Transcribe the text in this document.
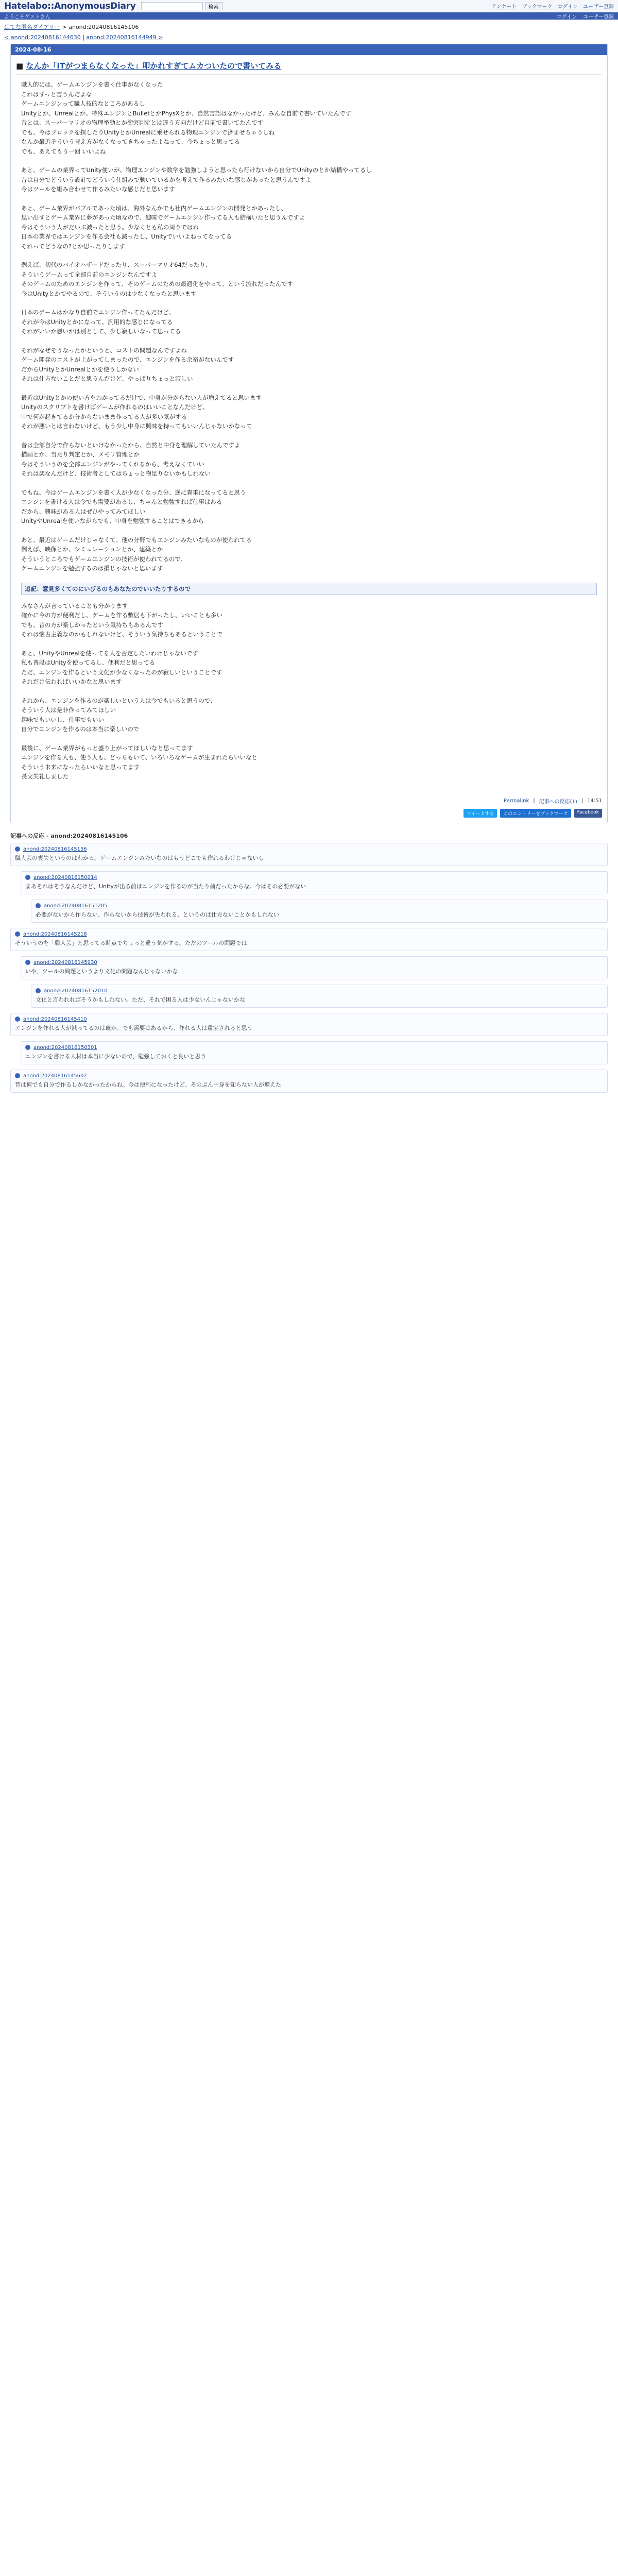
Hatelabo::AnonymousDiary	検索	アンケート ブックマーク ログイン ユーザー登録
ようこそゲストさん	ログイン ユーザー登録
はてな匿名ダイアリー > anond:20240816145106
< anond:20240816144630 | anond:20240816144949 >
2024-08-16
■ なんか「ITがつまらなくなった」叩かれすぎてムカついたので書いてみる

職人的には、ゲームエンジンを書く仕事がなくなった
これはずっと言うんだよな
ゲームエンジンって職人技的なところがあるし
Unityとか、Unrealとか、特殊エンジンとBulletとかPhysXとか、自然言語はなかったけど、みんな自前で書いていたんです
昔とは、スーパーマリオの物理挙動とか衝突判定とは違う方向だけど自前で書いてたんです
でも、今はブロックを探したりUnityとかUnrealに乗せられる物理エンジンで済ませちゃうしね
なんか最近そういう考え方がなくなってきちゃったよねって、今ちょっと思ってる
でも、あえてもう一回 いいよね

あと、ゲームの業界ってUnity使いが、物理エンジンや数学を勉強しようと思ったら行けないから自分でUnityのとか結構やってるし
昔は自分でどういう設計でどういう仕組みで動いているかを考えて作るみたいな感じがあったと思うんですよ
今はツールを組み合わせて作るみたいな感じだと思います

あと、ゲーム業界がバブルであった頃は、海外なんかでも社内ゲームエンジンの開発とかあったし、
思い出すとゲーム業界に夢があった頃なので、趣味でゲームエンジン作ってる人も結構いたと思うんですよ
今はそういう人がだいぶ減ったと思う。少なくとも私の周りではね
日本の業界ではエンジンを作る会社も減ったし、Unityでいいよねってなってる
それってどうなの?とか思ったりします

例えば、初代のバイオハザードだったり、スーパーマリオ64だったり、
そういうゲームって全部自前のエンジンなんですよ
そのゲームのためのエンジンを作って、そのゲームのための最適化をやって、という流れだったんです
今はUnityとかでやるので、そういうのは少なくなったと思います

日本のゲームはかなり自前でエンジン作ってたんだけど、
それが今はUnityとかになって、汎用的な感じになってる
それがいいか悪いかは別として、少し寂しいなって思ってる

それがなぜそうなったかというと、コストの問題なんですよね
ゲーム開発のコストが上がってしまったので、エンジンを作る余裕がないんです
だからUnityとかUnrealとかを使うしかない
それは仕方ないことだと思うんだけど、やっぱりちょっと寂しい

最近はUnityとかの使い方をわかってるだけで、中身が分からない人が増えてると思います
Unityのスクリプトを書けばゲームが作れるのはいいことなんだけど、
中で何が起きてるか分からないまま作ってる人が多い気がする
それが悪いとは言わないけど、もう少し中身に興味を持ってもいいんじゃないかなって

昔は全部自分で作らないといけなかったから、自然と中身を理解していたんですよ
描画とか、当たり判定とか、メモリ管理とか
今はそういうのを全部エンジンがやってくれるから、考えなくていい
それは楽なんだけど、技術者としてはちょっと物足りないかもしれない

でもね、今はゲームエンジンを書く人が少なくなった分、逆に貴重になってると思う
エンジンを書ける人は今でも需要があるし、ちゃんと勉強すれば仕事はある
だから、興味がある人はぜひやってみてほしい
UnityやUnrealを使いながらでも、中身を勉強することはできるから

あと、最近はゲームだけじゃなくて、他の分野でもエンジンみたいなものが使われてる
例えば、映像とか、シミュレーションとか、建築とか
そういうところでもゲームエンジンの技術が使われてるので、
ゲームエンジンを勉強するのは損じゃないと思います

追記：意見多くてのにいびるのもあなたのでいいたりするので

みなさんが言っていることも分かります
確かに今の方が便利だし、ゲームを作る敷居も下がったし、いいことも多い
でも、昔の方が楽しかったという気持ちもあるんです
それは懐古主義なのかもしれないけど、そういう気持ちもあるということで

あと、UnityやUnrealを使ってる人を否定したいわけじゃないです
私も普段はUnityを使ってるし、便利だと思ってる
ただ、エンジンを作るという文化が少なくなったのが寂しいということです
それだけ伝わればいいかなと思います

それから、エンジンを作るのが楽しいという人は今でもいると思うので、
そういう人は是非作ってみてほしい
趣味でもいいし、仕事でもいい
自分でエンジンを作るのは本当に楽しいので

最後に、ゲーム業界がもっと盛り上がってほしいなと思ってます
エンジンを作る人も、使う人も、どっちもいて、いろいろなゲームが生まれたらいいなと
そういう未来になったらいいなと思ってます
長文失礼しました

Permalink | 記事への反応(1) | 14:51
ツイートする	このエントリーをブックマーク	Facebook
記事への反応 - anond:20240816145106
anond:20240816145136
職人芸の喪失というのはわかる。ゲームエンジンみたいなのはもうどこでも作れるわけじゃないし
anond:20240816150014
まあそれはそうなんだけど、Unityが出る前はエンジンを作るのが当たり前だったからな。今はその必要がない
anond:20240816151205
必要がないから作らない、作らないから技術が失われる、というのは仕方ないことかもしれない
anond:20240816145218
そういうのを「職人芸」と思ってる時点でちょっと違う気がする。ただのツールの問題では
anond:20240816145930
いや、ツールの問題というより文化の問題なんじゃないかな
anond:20240816152010
文化と言われればそうかもしれない。ただ、それで困る人は少ないんじゃないかな
anond:20240816145410
エンジンを作れる人が減ってるのは確か。でも需要はあるから、作れる人は重宝されると思う
anond:20240816150301
エンジンを書ける人材は本当に少ないので、勉強しておくと良いと思う
anond:20240816145602
昔は何でも自分で作るしかなかったからね。今は便利になったけど、そのぶん中身を知らない人が増えた
